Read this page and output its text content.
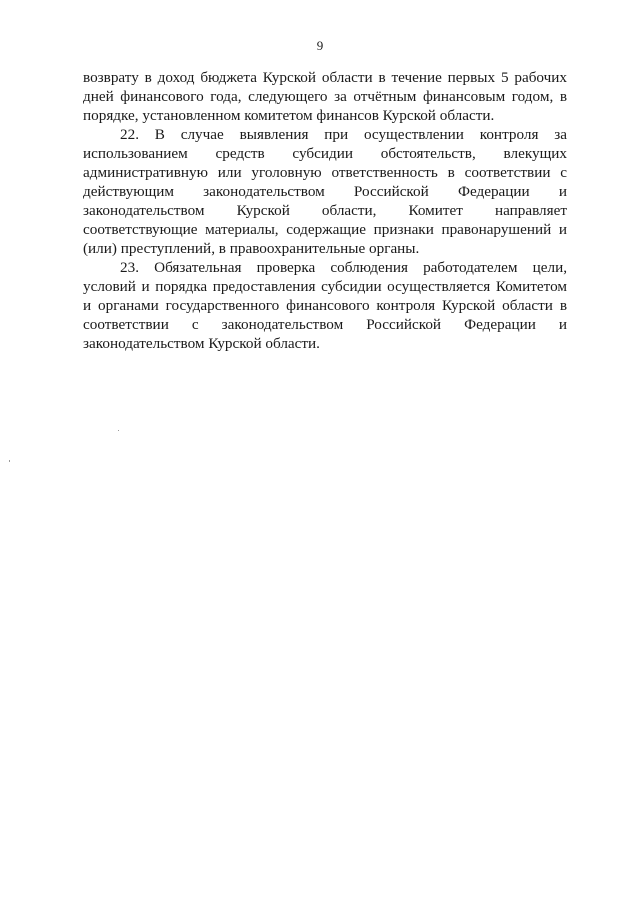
9

возврату в доход бюджета Курской области в течение первых 5 рабочих дней финансового года, следующего за отчётным финансовым годом, в порядке, установленном комитетом финансов Курской области.

22. В случае выявления при осуществлении контроля за использованием средств субсидии обстоятельств, влекущих административную или уголовную ответственность в соответствии с действующим законодательством Российской Федерации и законодательством Курской области, Комитет направляет соответствующие материалы, содержащие признаки правонарушений и (или) преступлений, в правоохранительные органы.

23. Обязательная проверка соблюдения работодателем цели, условий и порядка предоставления субсидии осуществляется Комитетом и органами государственного финансового контроля Курской области в соответствии с законодательством Российской Федерации и законодательством Курской области.
